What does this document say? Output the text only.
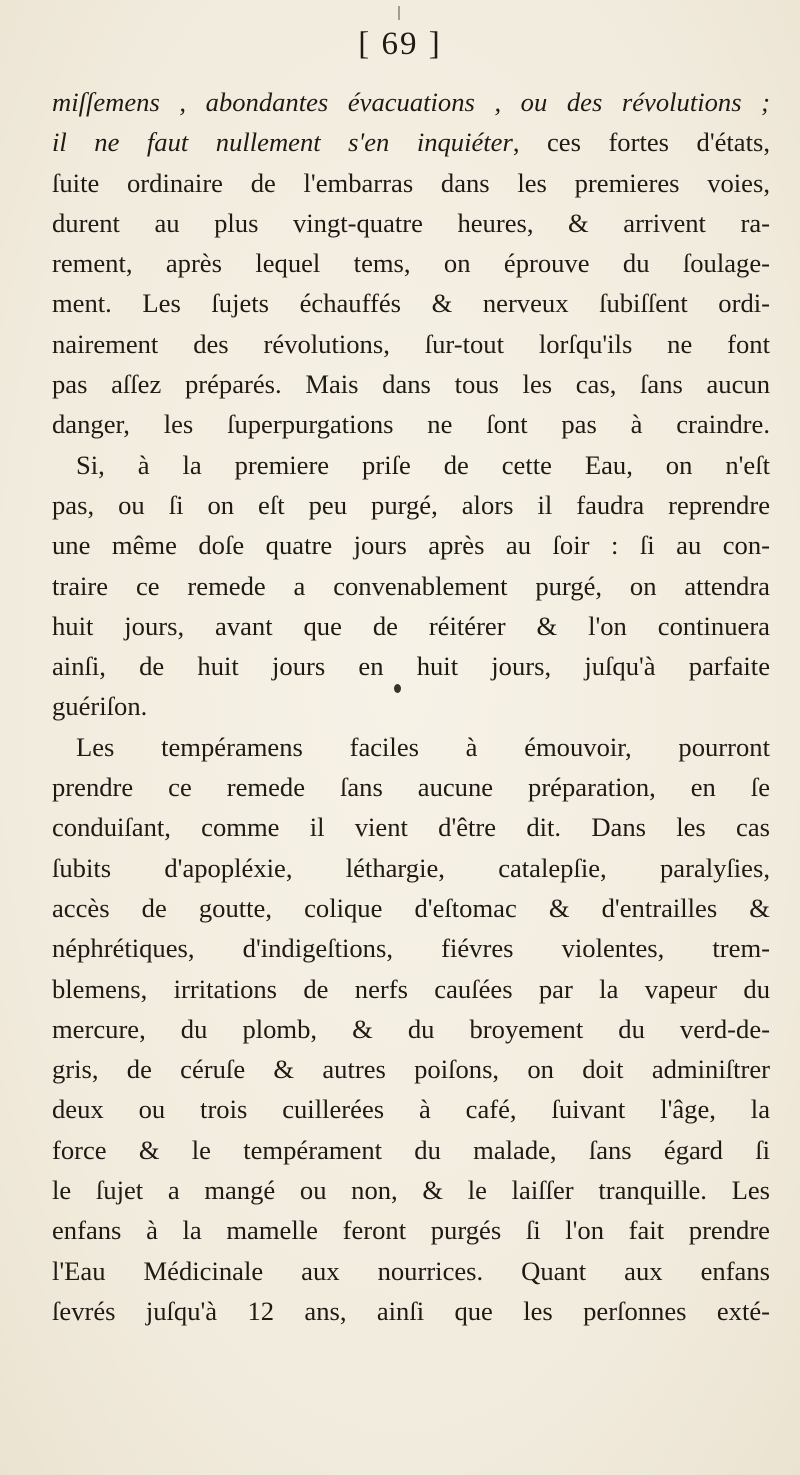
[ 69 ]
miſſemens , abondantes évacuations , ou des révolutions ;
il ne faut nullement s'en inquiéter, ces fortes d'états,
ſuite ordinaire de l'embarras dans les premieres voies,
durent au plus vingt-quatre heures, & arrivent ra-
rement, après lequel tems, on éprouve du ſoulage-
ment. Les ſujets échauffés & nerveux ſubiſſent ordi-
nairement des révolutions, ſur-tout lorſqu'ils ne font
pas aſſez préparés. Mais dans tous les cas, ſans aucun
danger, les ſuperpurgations ne ſont pas à craindre.
Si, à la premiere priſe de cette Eau, on n'eſt
pas, ou ſi on eſt peu purgé, alors il faudra reprendre
une même doſe quatre jours après au ſoir : ſi au con-
traire ce remede a convenablement purgé, on attendra
huit jours, avant que de réitérer & l'on continuera
ainſi, de huit jours en huit jours, juſqu'à parfaite
guériſon.
Les tempéramens faciles à émouvoir, pourront
prendre ce remede ſans aucune préparation, en ſe
conduiſant, comme il vient d'être dit. Dans les cas
ſubits d'apopléxie, léthargie, catalepſie, paralyſies,
accès de goutte, colique d'eſtomac & d'entrailles &
néphrétiques, d'indigeſtions, fiévres violentes, trem-
blemens, irritations de nerfs cauſées par la vapeur du
mercure, du plomb, & du broyement du verd-de-
gris, de céruſe & autres poiſons, on doit adminiſtrer
deux ou trois cuillerées à café, ſuivant l'âge, la
force & le tempérament du malade, ſans égard ſi
le ſujet a mangé ou non, & le laiſſer tranquille. Les
enfans à la mamelle feront purgés ſi l'on fait prendre
l'Eau Médicinale aux nourrices. Quant aux enfans
ſevrés juſqu'à 12 ans, ainſi que les perſonnes exté-
